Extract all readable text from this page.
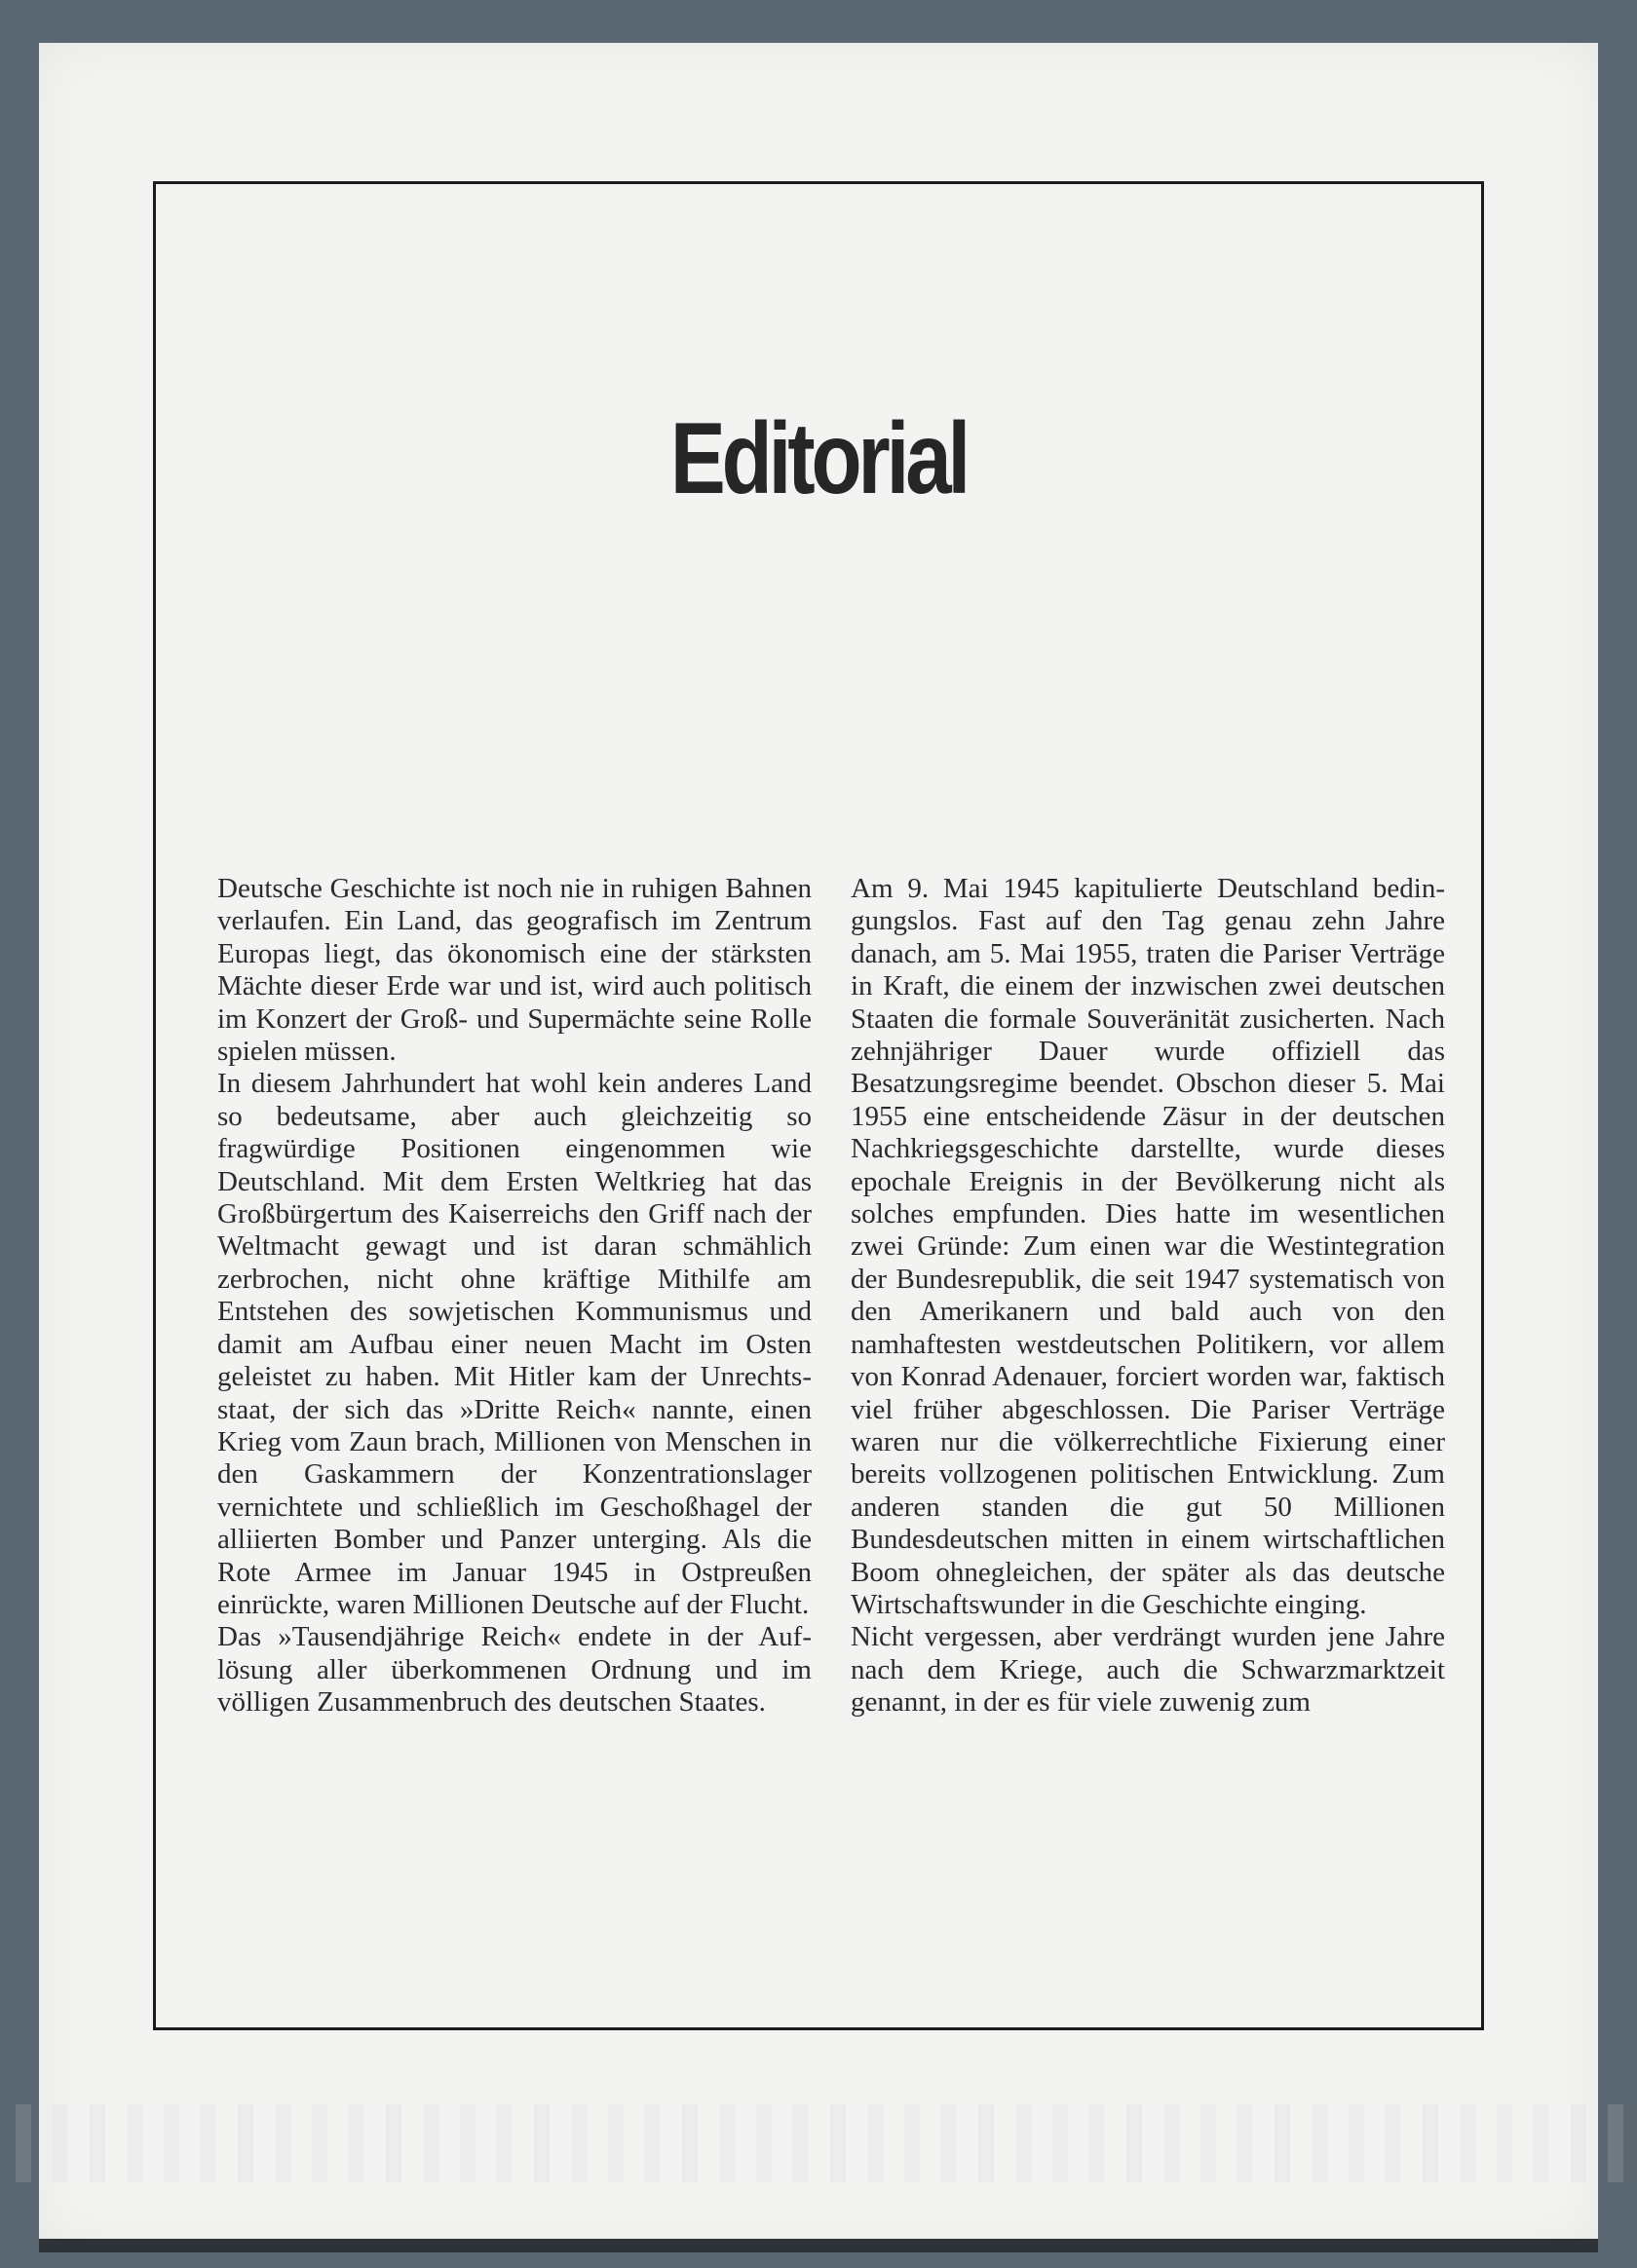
Editorial

Deutsche Geschichte ist noch nie in ruhigen Bahnen verlaufen. Ein Land, das geografisch im Zentrum Europas liegt, das ökonomisch eine der stärksten Mächte dieser Erde war und ist, wird auch politisch im Konzert der Groß- und Supermächte seine Rolle spielen müssen.

In diesem Jahrhundert hat wohl kein anderes Land so bedeutsame, aber auch gleichzeitig so fragwürdige Positionen eingenommen wie Deutschland. Mit dem Ersten Weltkrieg hat das Großbürgertum des Kaiserreichs den Griff nach der Weltmacht gewagt und ist daran schmählich zerbrochen, nicht ohne kräftige Mithilfe am Entstehen des sowjetischen Kommunismus und damit am Aufbau einer neuen Macht im Osten geleistet zu haben. Mit Hitler kam der Unrechtsstaat, der sich das »Dritte Reich« nannte, einen Krieg vom Zaun brach, Millionen von Menschen in den Gaskammern der Konzentrationslager vernichtete und schließlich im Geschoßhagel der alliierten Bomber und Panzer unterging. Als die Rote Armee im Januar 1945 in Ostpreußen einrückte, waren Millionen Deutsche auf der Flucht.

Das »Tausendjährige Reich« endete in der Auflösung aller überkommenen Ordnung und im völligen Zusammenbruch des deutschen Staates.

Am 9. Mai 1945 kapitulierte Deutschland bedingungslos. Fast auf den Tag genau zehn Jahre danach, am 5. Mai 1955, traten die Pariser Verträge in Kraft, die einem der inzwischen zwei deutschen Staaten die formale Souveränität zusicherten. Nach zehnjähriger Dauer wurde offiziell das Besatzungsregime beendet. Obschon dieser 5. Mai 1955 eine entscheidende Zäsur in der deutschen Nachkriegsgeschichte darstellte, wurde dieses epochale Ereignis in der Bevölkerung nicht als solches empfunden. Dies hatte im wesentlichen zwei Gründe: Zum einen war die Westintegration der Bundesrepublik, die seit 1947 systematisch von den Amerikanern und bald auch von den namhaftesten westdeutschen Politikern, vor allem von Konrad Adenauer, forciert worden war, faktisch viel früher abgeschlossen. Die Pariser Verträge waren nur die völkerrechtliche Fixierung einer bereits vollzogenen politischen Entwicklung. Zum anderen standen die gut 50 Millionen Bundesdeutschen mitten in einem wirtschaftlichen Boom ohnegleichen, der später als das deutsche Wirtschaftswunder in die Geschichte einging.

Nicht vergessen, aber verdrängt wurden jene Jahre nach dem Kriege, auch die Schwarzmarktzeit genannt, in der es für viele zuwenig zum
